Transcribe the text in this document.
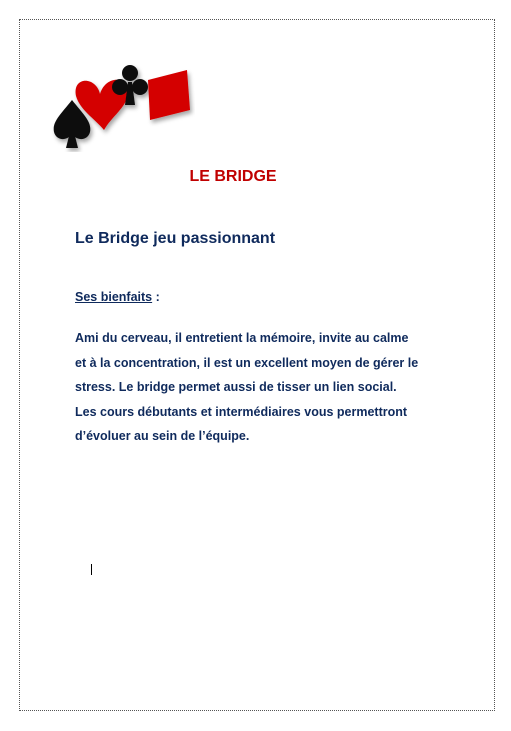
LE BRIDGE
Le Bridge jeu passionnant
Ses bienfaits :

Ami du cerveau, il entretient la mémoire, invite au calme et à la concentration, il est un excellent moyen de gérer le stress. Le bridge permet aussi de tisser un lien social.

Les cours débutants et intermédiaires vous permettront d’évoluer au sein de l’équipe.
